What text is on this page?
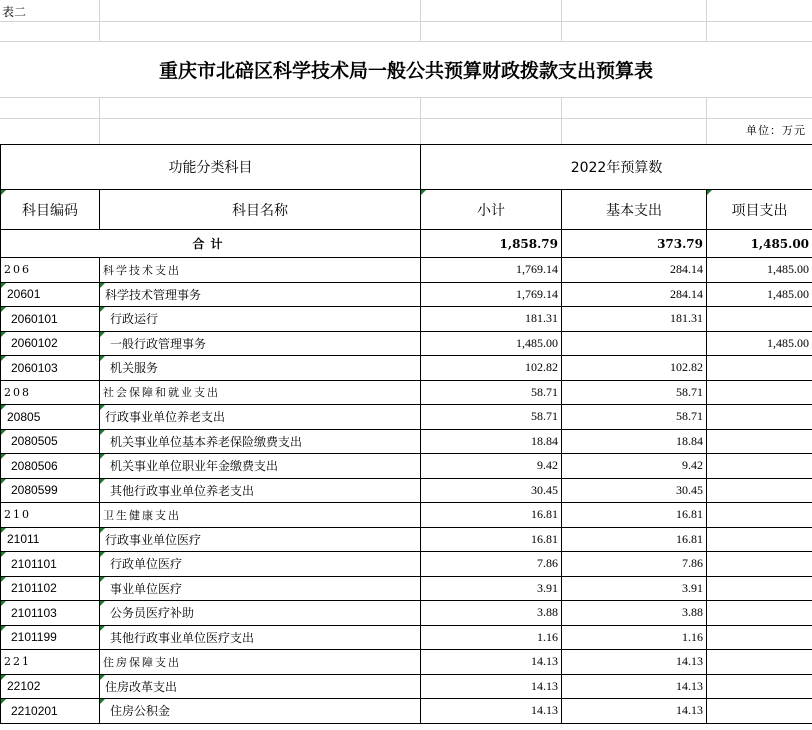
表二
重庆市北碚区科学技术局一般公共预算财政拨款支出预算表
单位：万元
功能分类科目		2022年预算数		

科目编码	科目名称	小计	基本支出	项目支出
合计		1,858.79	373.79	1,485.00
206	科学技术支出	1,769.14	284.14	1,485.00

20601	科学技术管理事务	1,769.14	284.14	1,485.00

2060101	行政运行	181.31	181.31	

2060102	一般行政管理事务	1,485.00		1,485.00

2060103	机关服务	102.82	102.82	
208	社会保障和就业支出	58.71	58.71	

20805	行政事业单位养老支出	58.71	58.71	

2080505	机关事业单位基本养老保险缴费支出	18.84	18.84	

2080506	机关事业单位职业年金缴费支出	9.42	9.42	

2080599	其他行政事业单位养老支出	30.45	30.45	
210	卫生健康支出	16.81	16.81	

21011	行政事业单位医疗	16.81	16.81	

2101101	行政单位医疗	7.86	7.86	

2101102	事业单位医疗	3.91	3.91	

2101103	公务员医疗补助	3.88	3.88	

2101199	其他行政事业单位医疗支出	1.16	1.16	
221	住房保障支出	14.13	14.13	

22102	住房改革支出	14.13	14.13	

2210201	住房公积金	14.13	14.13	
